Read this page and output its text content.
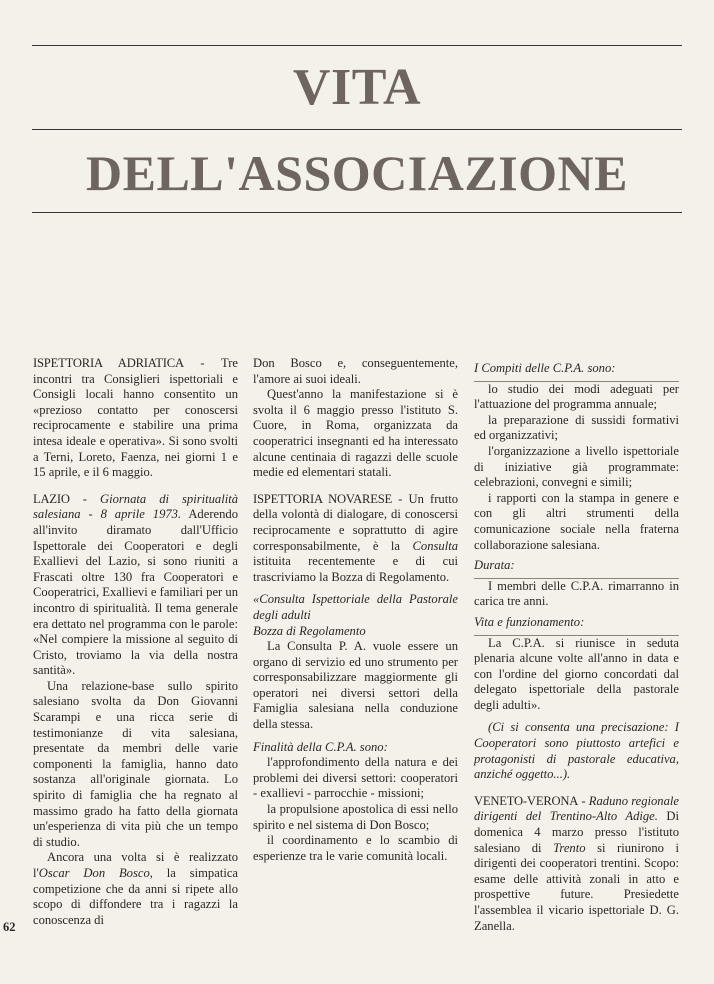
VITA
DELL'ASSOCIAZIONE

ISPETTORIA ADRIATICA - Tre incontri tra Consiglieri ispettoriali e Consigli locali hanno consentito un «prezioso contatto per conoscersi reciprocamente e stabilire una prima intesa ideale e operativa». Si sono svolti a Terni, Loreto, Faenza, nei giorni 1 e 15 aprile, e il 6 maggio.

LAZIO - Giornata di spiritualità salesiana - 8 aprile 1973. Aderendo all'invito diramato dall'Ufficio Ispettorale dei Cooperatori e degli Exallievi del Lazio, si sono riuniti a Frascati oltre 130 fra Cooperatori e Cooperatrici, Exallievi e familiari per un incontro di spiritualità. Il tema generale era dettato nel programma con le parole: «Nel compiere la missione al seguito di Cristo, troviamo la via della nostra santità».

Una relazione-base sullo spirito salesiano svolta da Don Giovanni Scarampi e una ricca serie di testimonianze di vita salesiana, presentate da membri delle varie componenti la famiglia, hanno dato sostanza all'originale giornata. Lo spirito di famiglia che ha regnato al massimo grado ha fatto della giornata un'esperienza di vita più che un tempo di studio.

Ancora una volta si è realizzato l'Oscar Don Bosco, la simpatica competizione che da anni si ripete allo scopo di diffondere tra i ragazzi la conoscenza di

Don Bosco e, conseguentemente, l'amore ai suoi ideali.

Quest'anno la manifestazione si è svolta il 6 maggio presso l'istituto S. Cuore, in Roma, organizzata da cooperatrici insegnanti ed ha interessato alcune centinaia di ragazzi delle scuole medie ed elementari statali.

ISPETTORIA NOVARESE - Un frutto della volontà di dialogare, di conoscersi reciprocamente e soprattutto di agire corresponsabilmente, è la Consulta istituita recentemente e di cui trascriviamo la Bozza di Regolamento.

«Consulta Ispettoriale della Pastorale degli adulti

Bozza di Regolamento

La Consulta P. A. vuole essere un organo di servizio ed uno strumento per corresponsabilizzare maggiormente gli operatori nei diversi settori della Famiglia salesiana nella conduzione della stessa.

Finalità della C.P.A. sono:

l'approfondimento della natura e dei problemi dei diversi settori: cooperatori - exallievi - parrocchie - missioni;

la propulsione apostolica di essi nello spirito e nel sistema di Don Bosco;

il coordinamento e lo scambio di esperienze tra le varie comunità locali.

I Compiti delle C.P.A. sono:

lo studio dei modi adeguati per l'attuazione del programma annuale;

la preparazione di sussidi formativi ed organizzativi;

l'organizzazione a livello ispettoriale di iniziative già programmate: celebrazioni, convegni e simili;

i rapporti con la stampa in genere e con gli altri strumenti della comunicazione sociale nella fraterna collaborazione salesiana.

Durata:

I membri delle C.P.A. rimarranno in carica tre anni.

Vita e funzionamento:

La C.P.A. si riunisce in seduta plenaria alcune volte all'anno in data e con l'ordine del giorno concordati dal delegato ispettoriale della pastorale degli adulti».

(Ci si consenta una precisazione: I Cooperatori sono piuttosto artefici e protagonisti di pastorale educativa, anziché oggetto...).

VENETO-VERONA - Raduno regionale dirigenti del Trentino-Alto Adige. Di domenica 4 marzo presso l'istituto salesiano di Trento si riunirono i dirigenti dei cooperatori trentini. Scopo: esame delle attività zonali in atto e prospettive future. Presiedette l'assemblea il vicario ispettoriale D. G. Zanella.

62
